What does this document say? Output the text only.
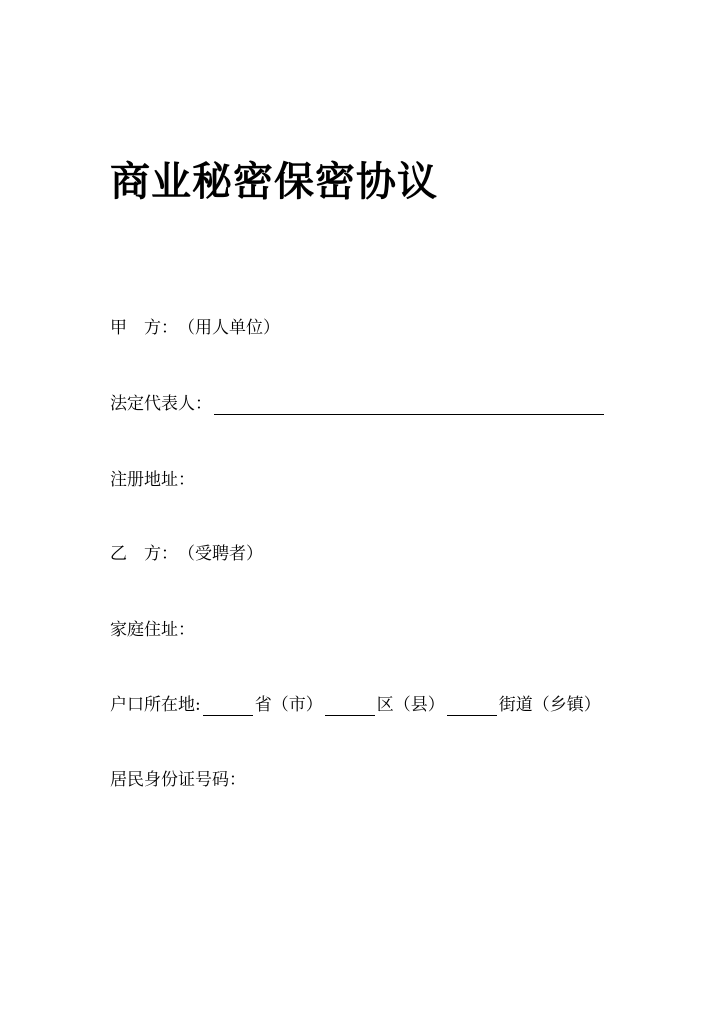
商业秘密保密协议
甲 方： （用人单位）
法定代表人：
注册地址：
乙 方： （受聘者）
家庭住址：
户口所在地:	省（市）	区（县）	街道（乡镇）
居民身份证号码：
